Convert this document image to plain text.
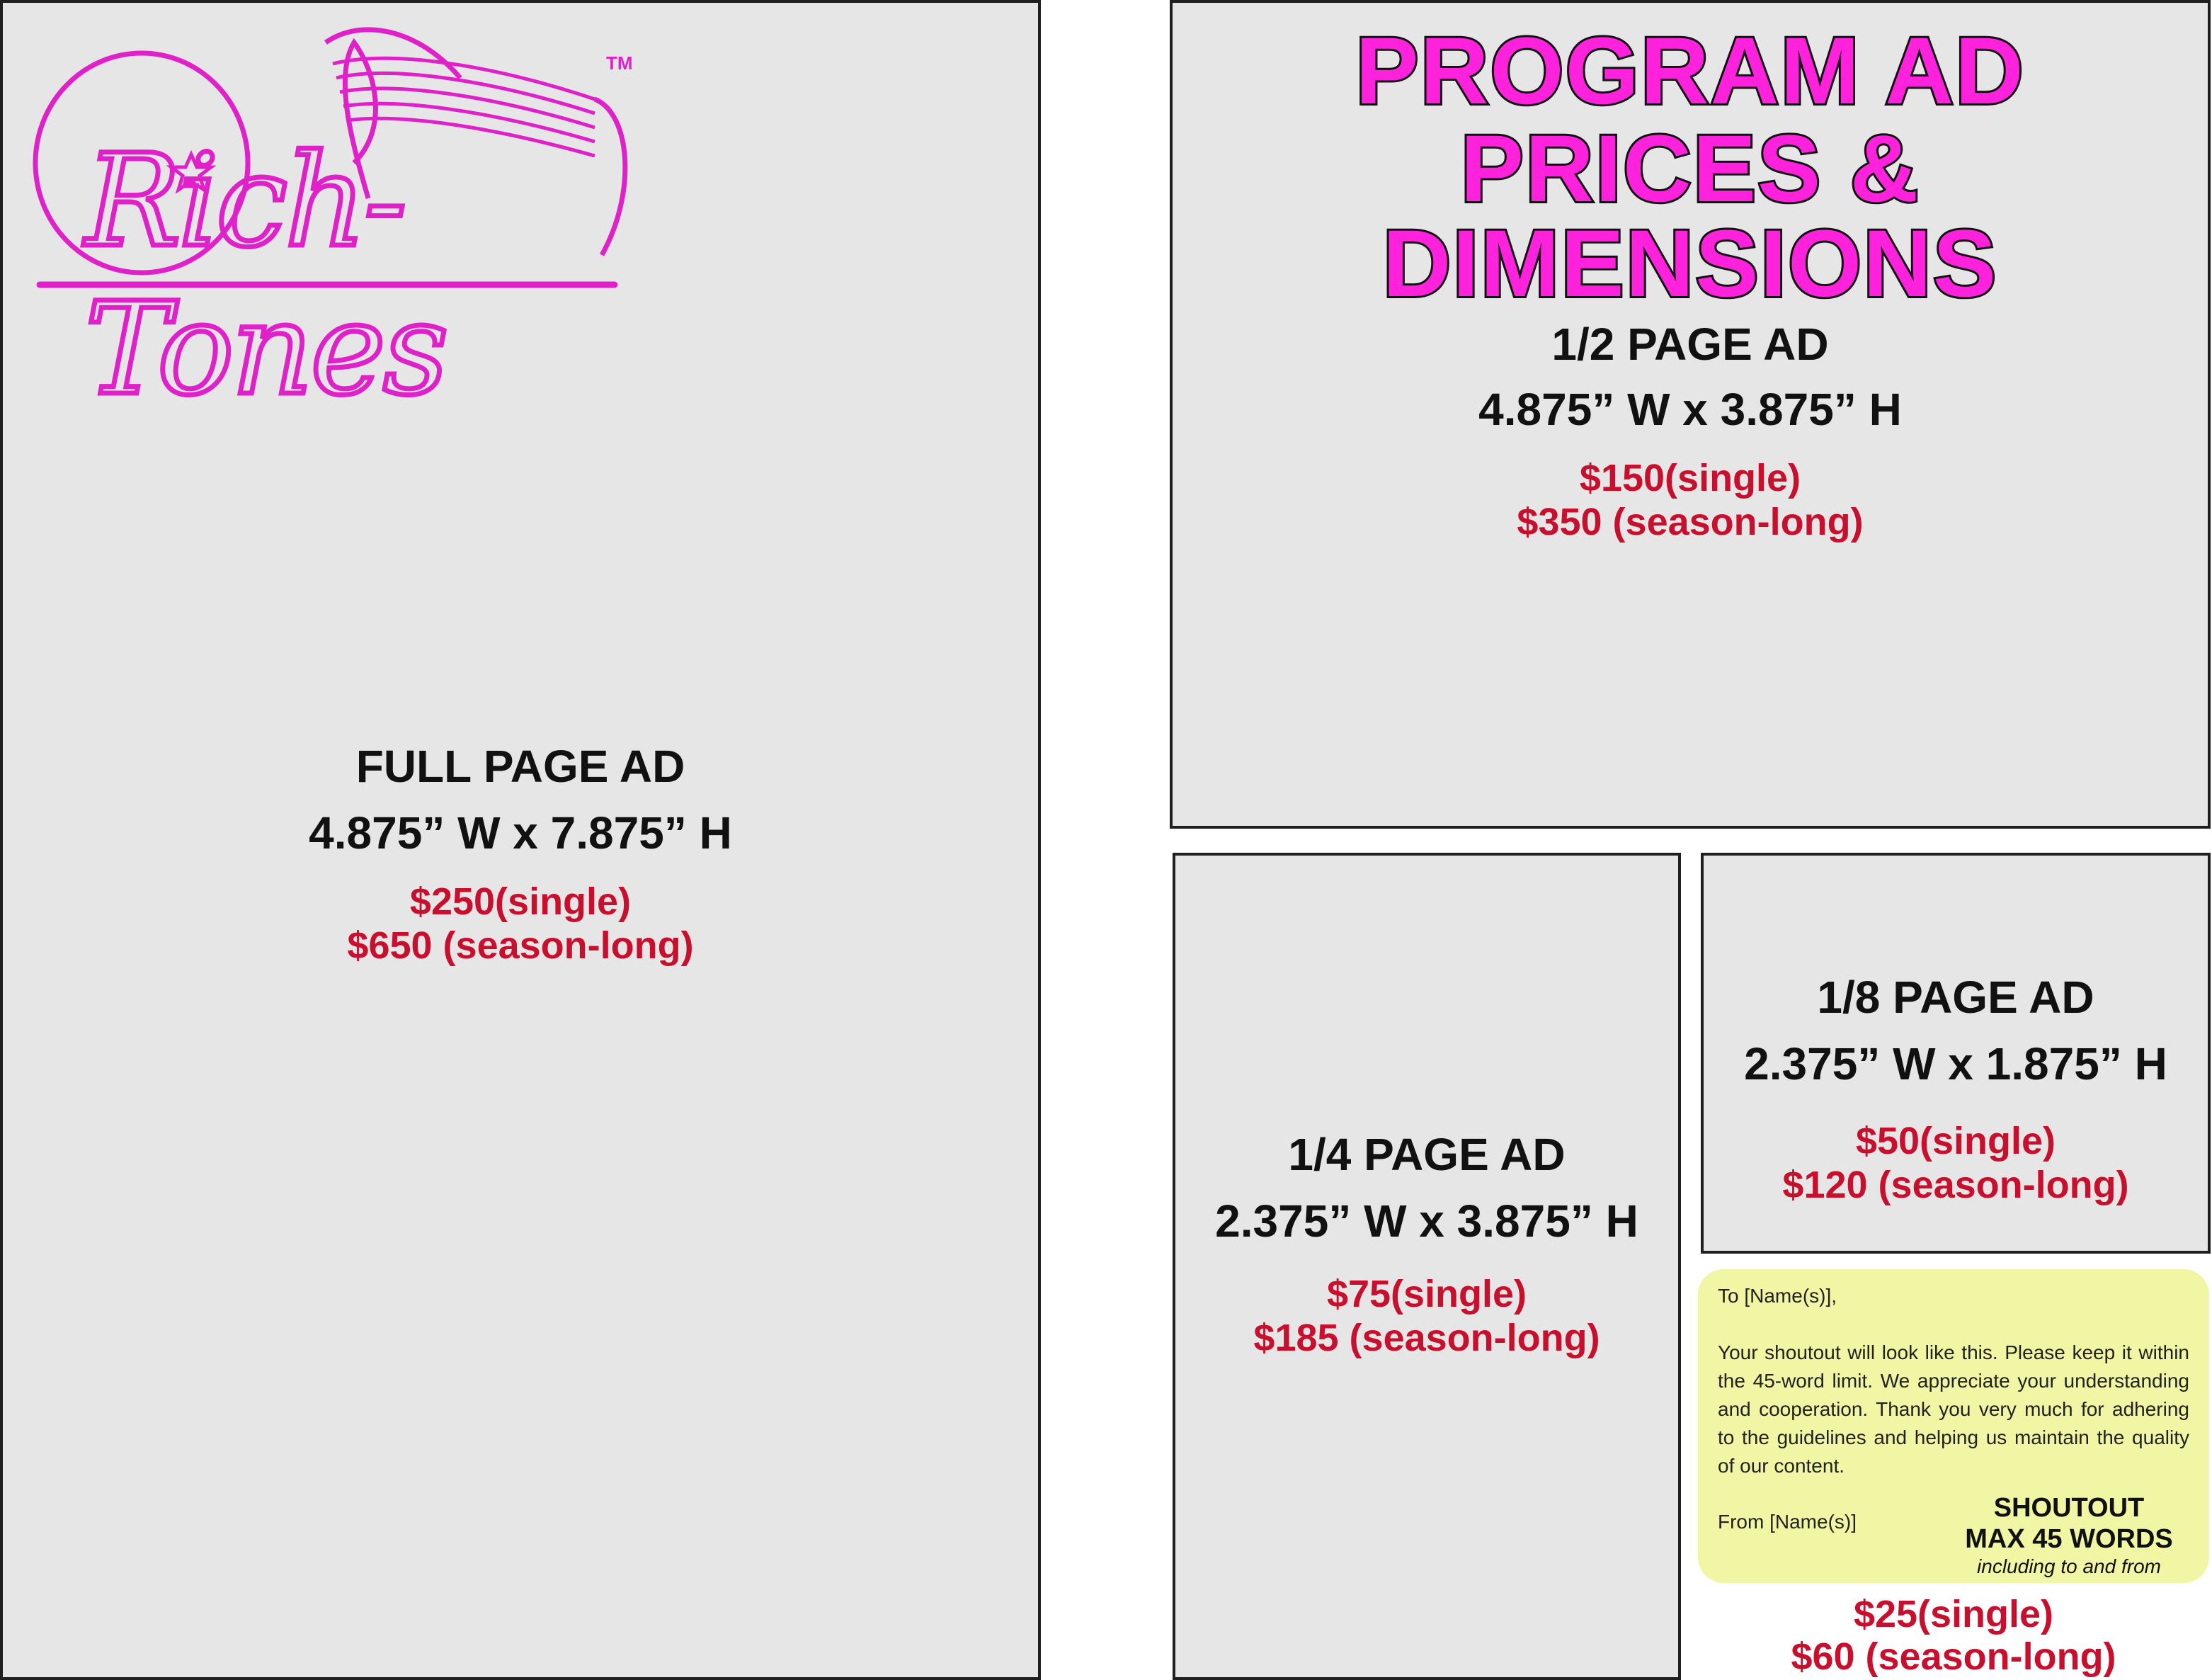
FULL PAGE AD
4.875” W x 7.875” H
$250(single)
$650 (season-long)
Rich-Tones
TM	PROGRAM AD
PRICES & DIMENSIONS
1/2 PAGE AD
4.875” W x 3.875” H
$150(single)
$350 (season-long)
1/4 PAGE AD
2.375” W x 3.875” H
$75(single)
$185 (season-long)
1/8 PAGE AD
2.375” W x 1.875” H
$50(single)
$120 (season-long)

To [Name(s)],

Your shoutout will look like this. Please keep it within the 45-word limit. We appreciate your understanding and cooperation. Thank you very much for adhering to the guidelines and helping us maintain the quality of our content.

From [Name(s)]	SHOUTOUT
MAX 45 WORDS
including to and from
$25(single)
$60 (season-long)
